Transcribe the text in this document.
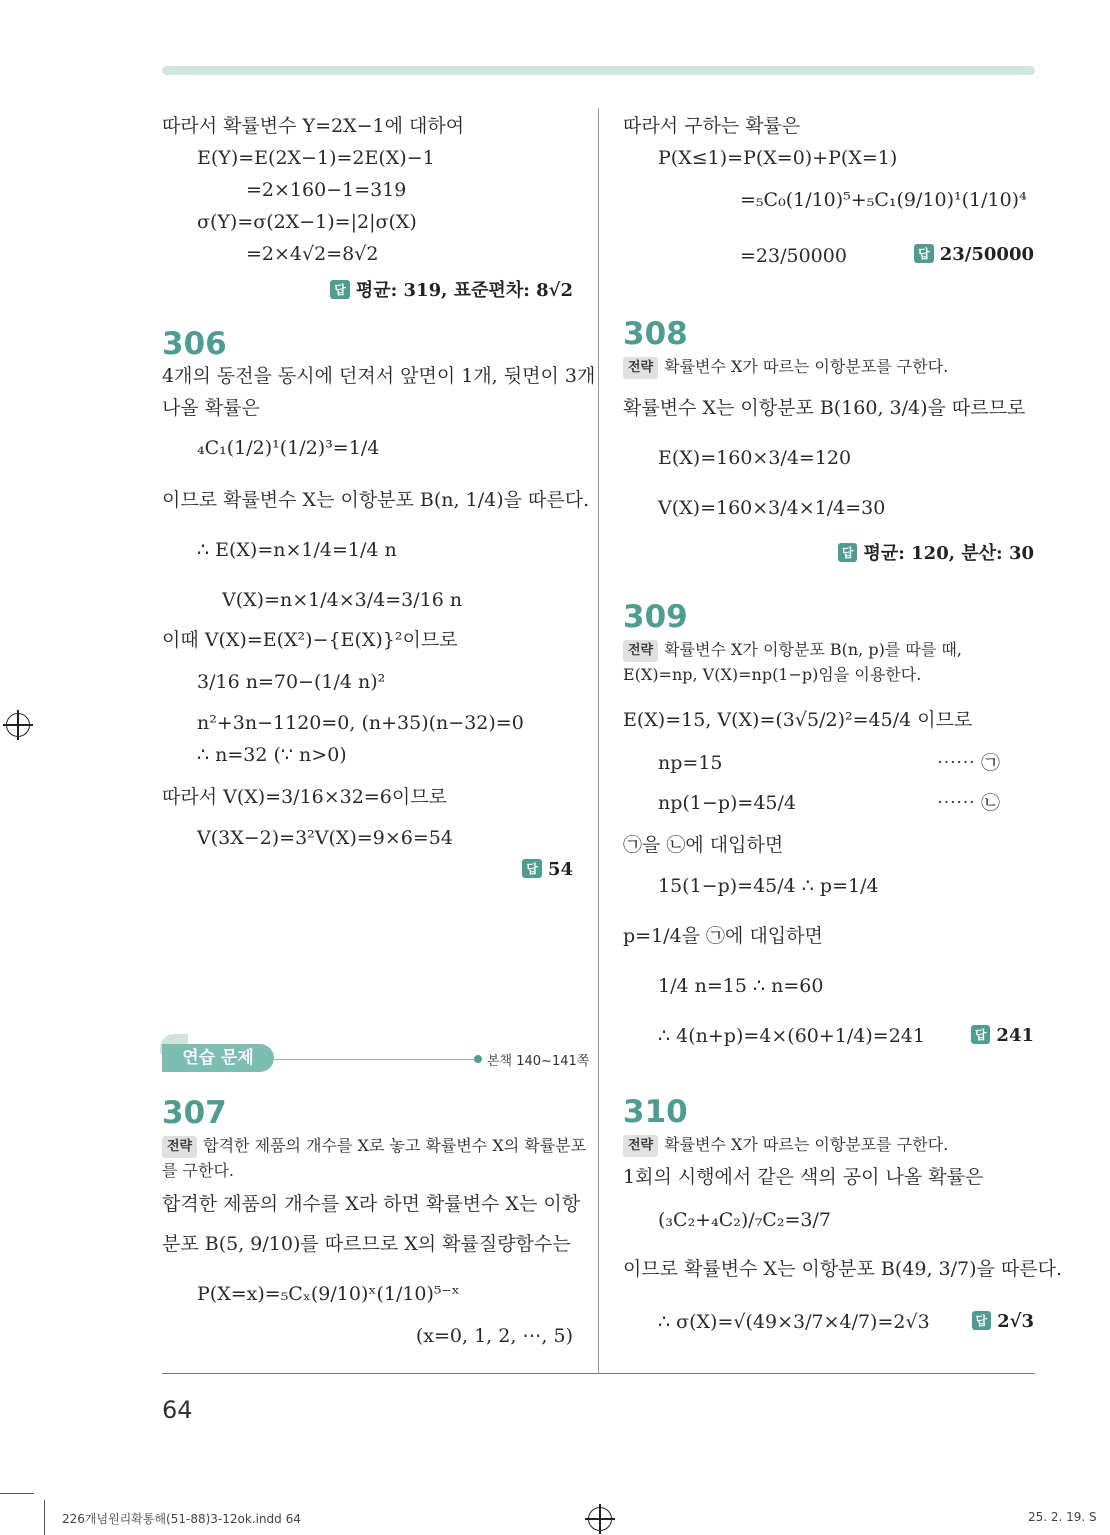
따라서 확률변수 Y=2X−1에 대하여
E(Y)=E(2X−1)=2E(X)−1
=2×160−1=319
σ(Y)=σ(2X−1)=|2|σ(X)
=2×4√2=8√2
답 평균: 319, 표준편차: 8√2
306
4개의 동전을 동시에 던져서 앞면이 1개, 뒷면이 3개
나올 확률은
₄C₁(1/2)¹(1/2)³=1/4
이므로 확률변수 X는 이항분포 B(n, 1/4)을 따른다.
∴ E(X)=n×1/4=1/4 n
V(X)=n×1/4×3/4=3/16 n
이때 V(X)=E(X²)−{E(X)}²이므로
3/16 n=70−(1/4 n)²
n²+3n−1120=0, (n+35)(n−32)=0
∴ n=32 (∵ n>0)
따라서 V(X)=3/16×32=6이므로
V(3X−2)=3²V(X)=9×6=54
답 54
연습 문제	본책 140~141쪽
307
전략 합격한 제품의 개수를 X로 놓고 확률변수 X의 확률분포
를 구한다.
합격한 제품의 개수를 X라 하면 확률변수 X는 이항
분포 B(5, 9/10)를 따르므로 X의 확률질량함수는
P(X=x)=₅Cₓ(9/10)ˣ(1/10)⁵⁻ˣ
(x=0, 1, 2, ⋯, 5)
따라서 구하는 확률은
P(X≤1)=P(X=0)+P(X=1)
=₅C₀(1/10)⁵+₅C₁(9/10)¹(1/10)⁴
=23/50000	답 23/50000
308
전략 확률변수 X가 따르는 이항분포를 구한다.
확률변수 X는 이항분포 B(160, 3/4)을 따르므로
E(X)=160×3/4=120
V(X)=160×3/4×1/4=30
답 평균: 120, 분산: 30
309
전략 확률변수 X가 이항분포 B(n, p)를 따를 때,
E(X)=np, V(X)=np(1−p)임을 이용한다.
E(X)=15, V(X)=(3√5/2)²=45/4 이므로
np=15	⋯⋯ ㉠
np(1−p)=45/4	⋯⋯ ㉡
㉠을 ㉡에 대입하면
15(1−p)=45/4 ∴ p=1/4
p=1/4을 ㉠에 대입하면
1/4 n=15 ∴ n=60
∴ 4(n+p)=4×(60+1/4)=241	답 241
310
전략 확률변수 X가 따르는 이항분포를 구한다.
1회의 시행에서 같은 색의 공이 나올 확률은
(₃C₂+₄C₂)/₇C₂=3/7
이므로 확률변수 X는 이항분포 B(49, 3/7)을 따른다.
∴ σ(X)=√(49×3/7×4/7)=2√3	답 2√3
64
226개념원리확통해(51-88)3-12ok.indd 64	25. 2. 19. S
